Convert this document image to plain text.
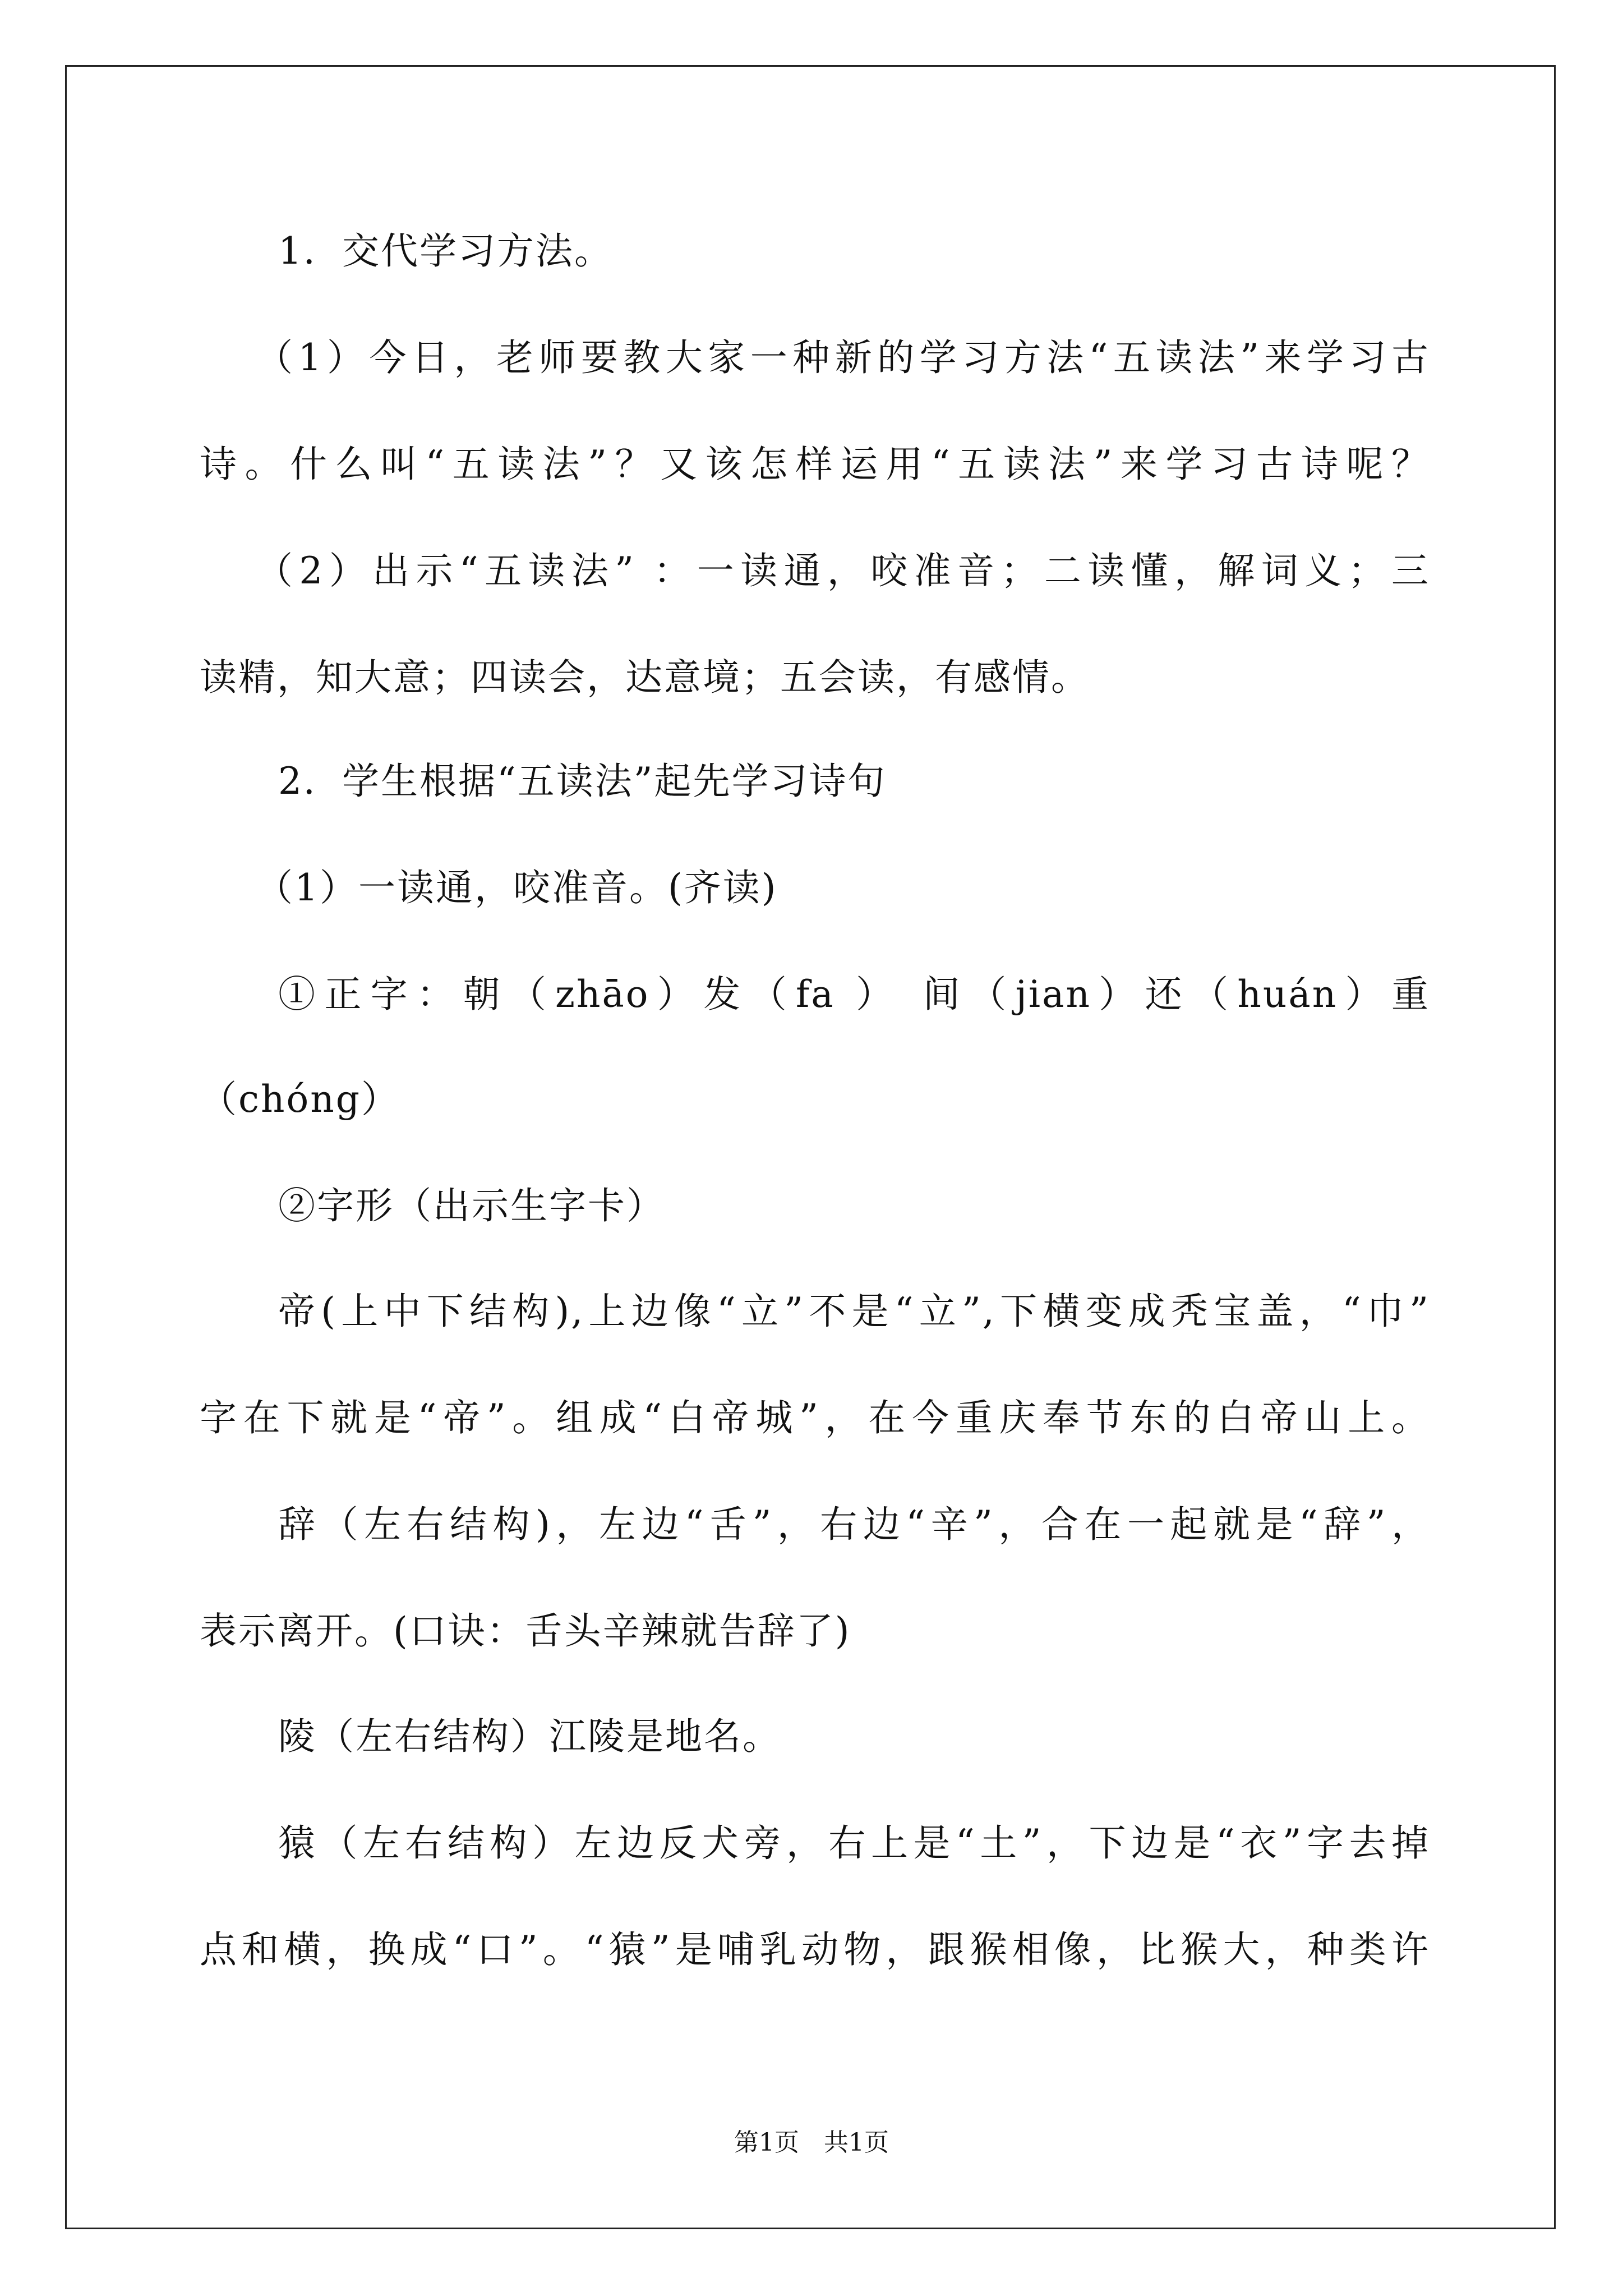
1．交代学习方法。
（1）今日，老师要教大家一种新的学习方法“五读法”来学习古
诗。什么叫“五读法”？又该怎样运用“五读法”来学习古诗呢？
（2）出示“五读法” ：一读通，咬准音；二读懂，解词义；三
读精，知大意；四读会，达意境；五会读，有感情。
2．学生根据“五读法”起先学习诗句
（1）一读通，咬准音。(齐读)
①正字：朝（zhāo）发（fa ） 间（jian）还（huán）重
（chóng）
②字形（出示生字卡）
帝(上中下结构),上边像“立”不是“立”,下横变成秃宝盖，“巾”
字在下就是“帝”。组成“白帝城”，在今重庆奉节东的白帝山上。
辞（左右结构)，左边“舌”，右边“辛”，合在一起就是“辞”，
表示离开。(口诀：舌头辛辣就告辞了)
陵（左右结构）江陵是地名。
猿（左右结构）左边反犬旁，右上是“土”，下边是“衣”字去掉
点和横，换成“口”。“猿”是哺乳动物，跟猴相像，比猴大，种类许
第1页　共1页
